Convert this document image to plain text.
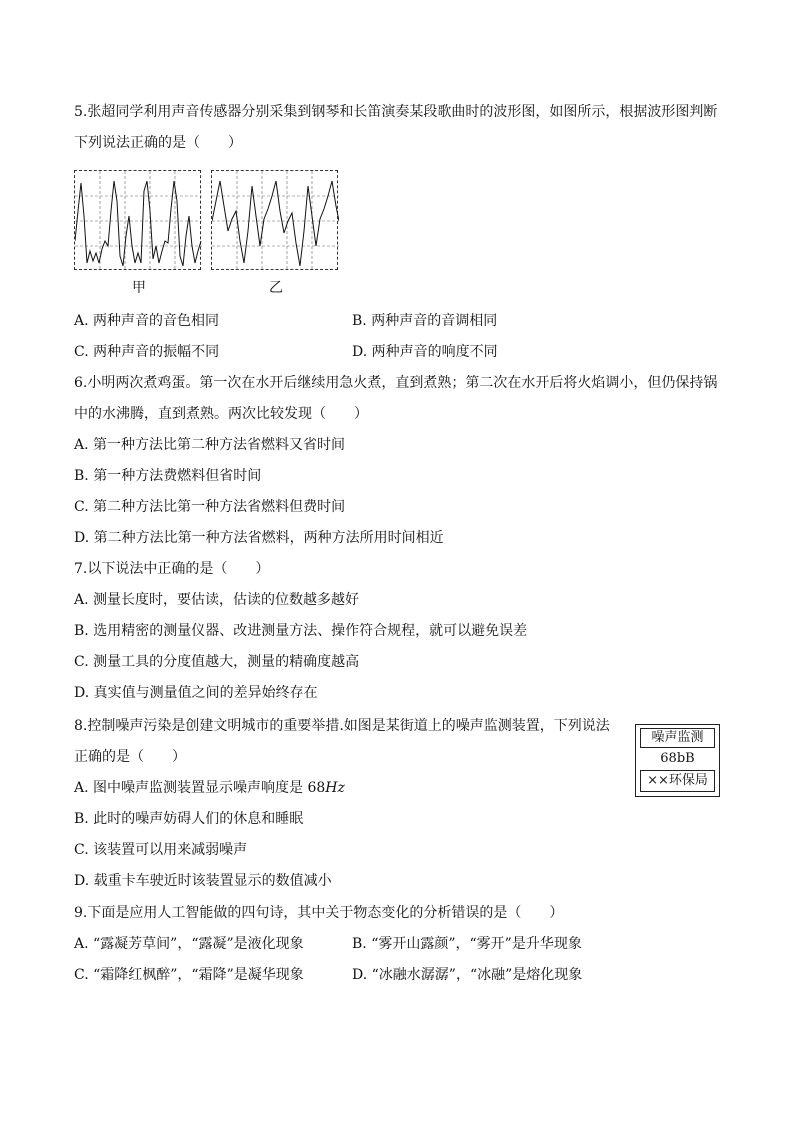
5.张超同学利用声音传感器分别采集到钢琴和长笛演奏某段歌曲时的波形图，如图所示，根据波形图判断
下列说法正确的是（　　）
甲	乙
A. 两种声音的音色相同	B. 两种声音的音调相同
C. 两种声音的振幅不同	D. 两种声音的响度不同
6.小明两次煮鸡蛋。第一次在水开后继续用急火煮，直到煮熟；第二次在水开后将火焰调小，但仍保持锅
中的水沸腾，直到煮熟。两次比较发现（　　）
A. 第一种方法比第二种方法省燃料又省时间
B. 第一种方法费燃料但省时间
C. 第二种方法比第一种方法省燃料但费时间
D. 第二种方法比第一种方法省燃料，两种方法所用时间相近
7.以下说法中正确的是（　　）
A. 测量长度时，要估读，估读的位数越多越好
B. 选用精密的测量仪器、改进测量方法、操作符合规程，就可以避免误差
C. 测量工具的分度值越大，测量的精确度越高
D. 真实值与测量值之间的差异始终存在
8.控制噪声污染是创建文明城市的重要举措.如图是某街道上的噪声监测装置，下列说法
正确的是（　　）
A. 图中噪声监测装置显示噪声响度是 68Hz
B. 此时的噪声妨碍人们的休息和睡眠
C. 该装置可以用来减弱噪声
D. 载重卡车驶近时该装置显示的数值减小
噪声监测
68bB
××环保局
9.下面是应用人工智能做的四句诗，其中关于物态变化的分析错误的是（　　）
A. “露凝芳草间”，“露凝”是液化现象	B. “雾开山露颜”，“雾开”是升华现象
C. “霜降红枫醉”，“霜降”是凝华现象	D. “冰融水潺潺”，“冰融”是熔化现象
